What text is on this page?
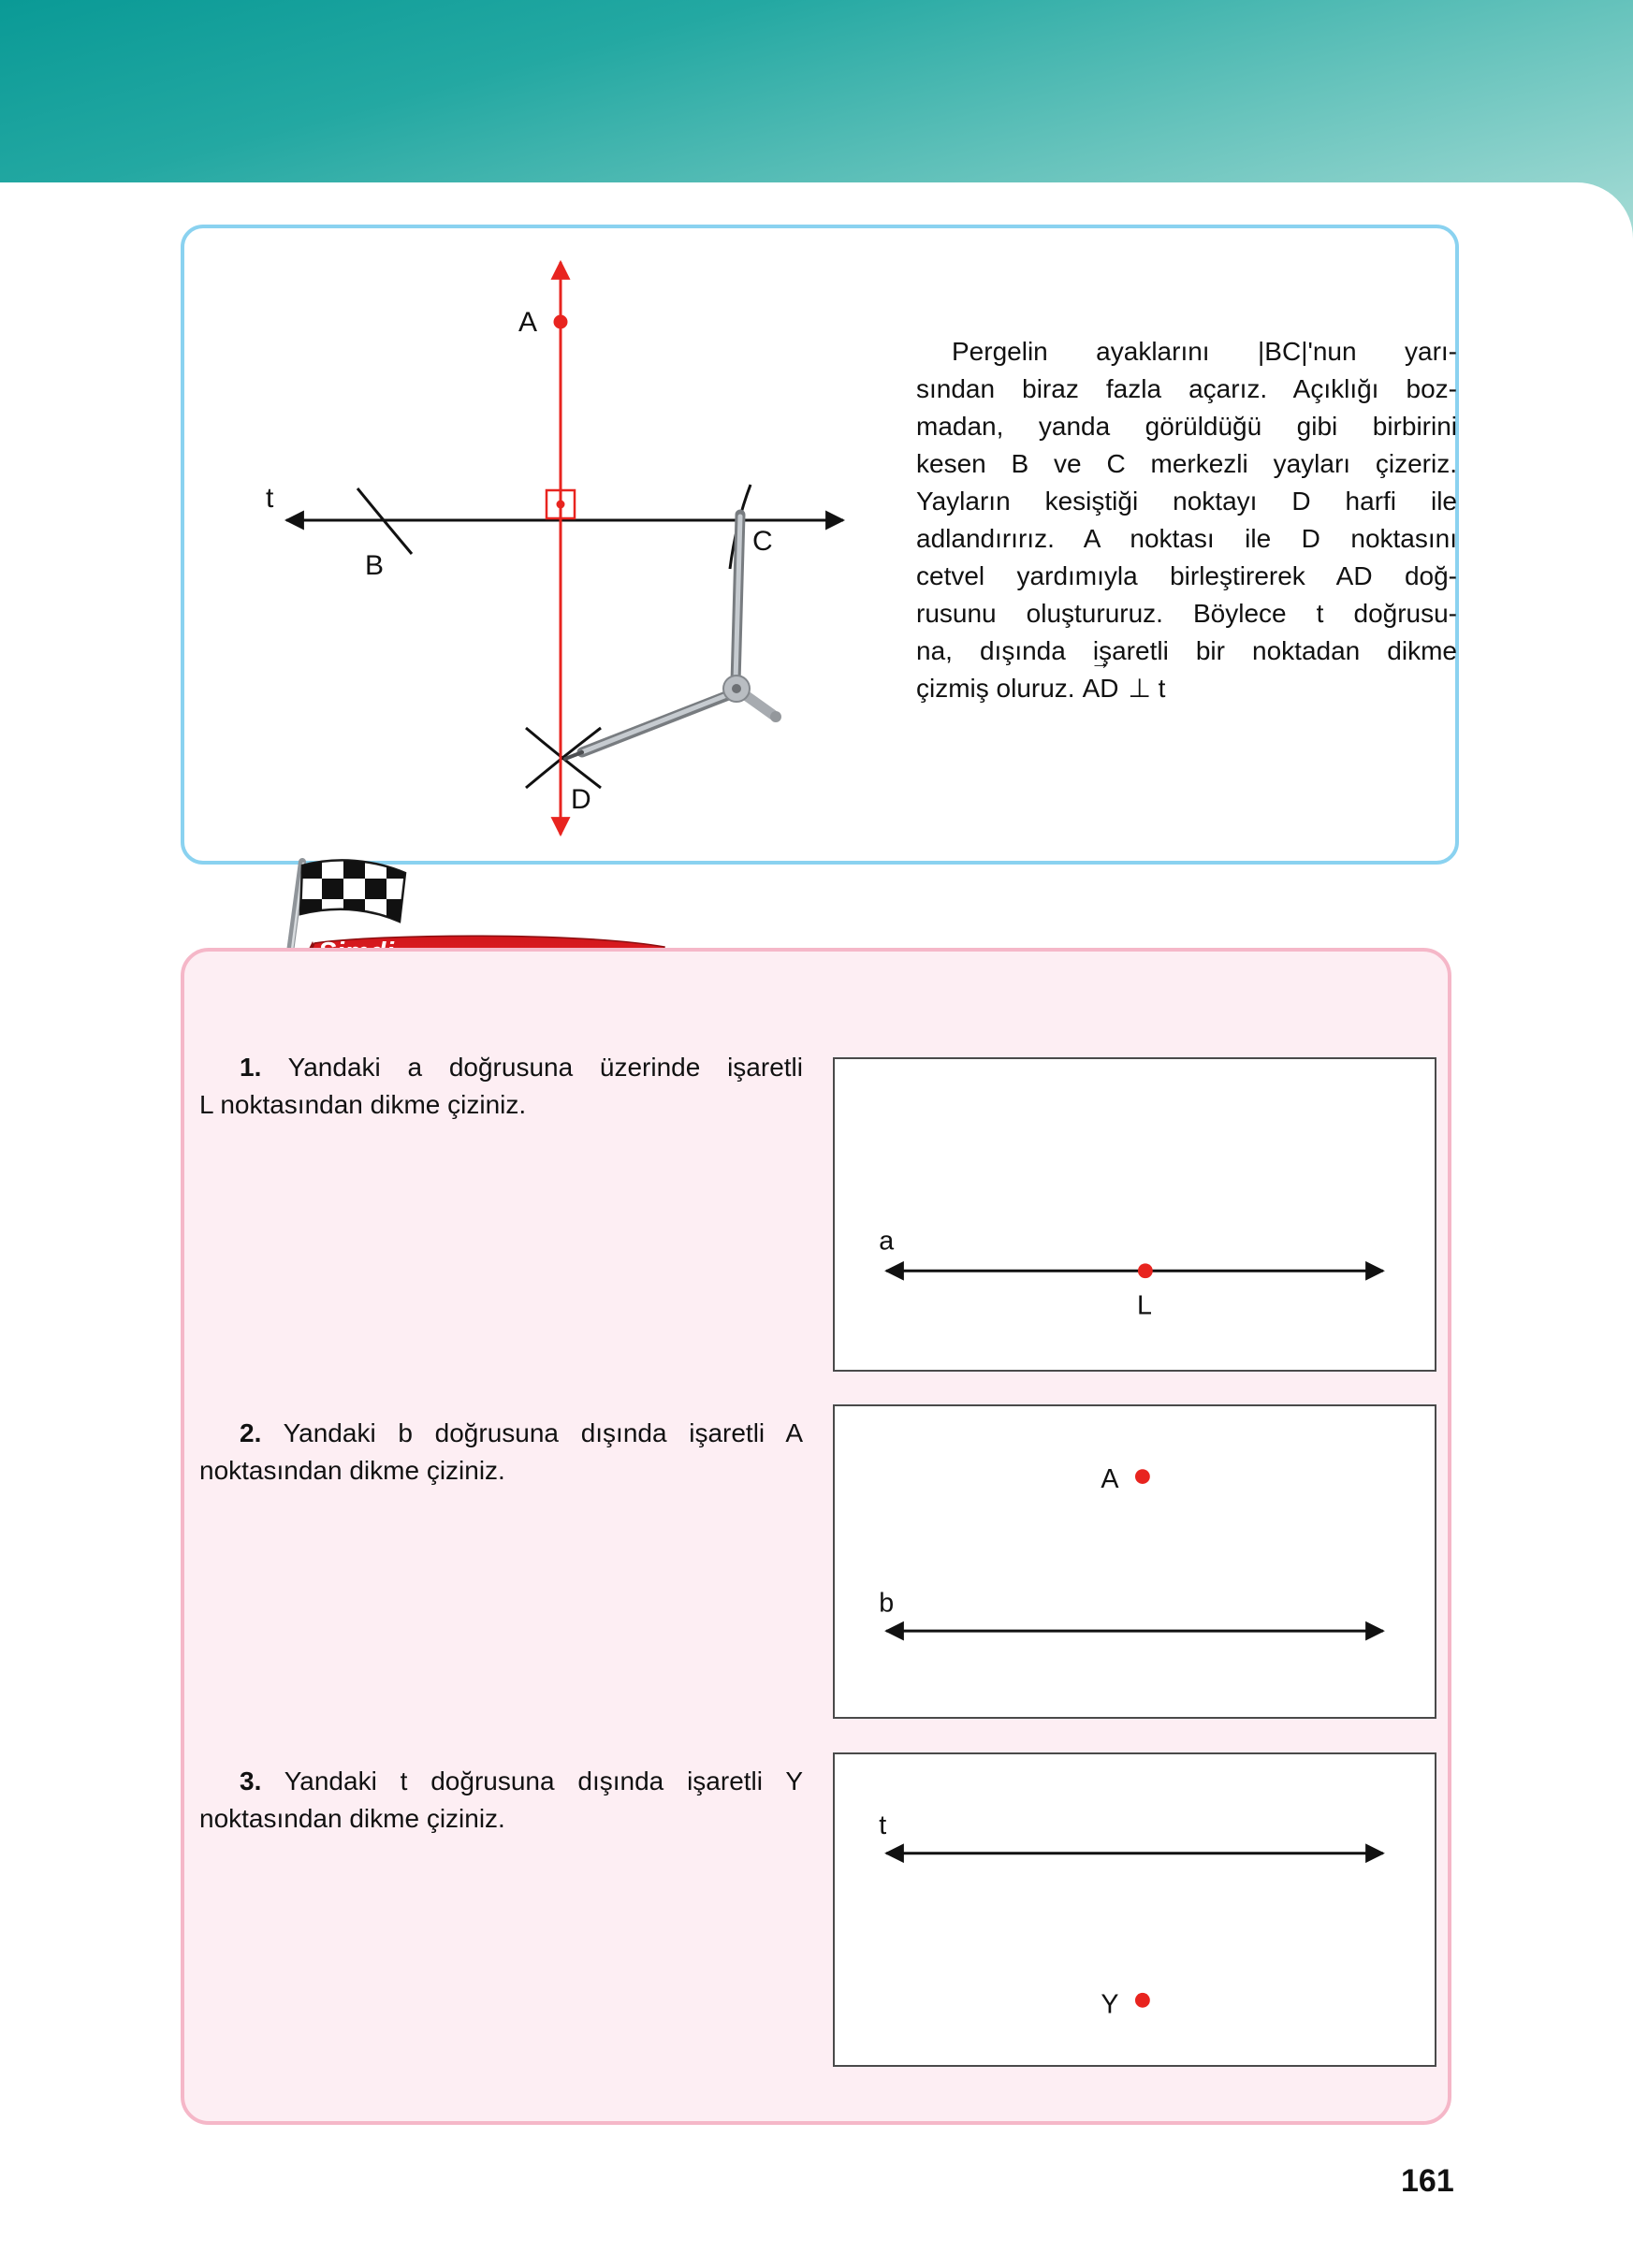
t
B
C
A
D
Pergelin ayaklarını |BC|'nun yarı-
sından biraz fazla açarız. Açıklığı boz-
madan, yanda görüldüğü gibi birbirini
kesen B ve C merkezli yayları çizeriz.
Yayların kesiştiği noktayı D harfi ile
adlandırırız. A noktası ile D noktasını
cetvel yardımıyla birleştirerek AD doğ-
rusunu oluştururuz. Böylece t doğrusu-
na, dışında işaretli bir noktadan dikme
çizmiş oluruz. AD → ⊥ t
1. Yandaki a doğrusuna üzerinde işaretli
L noktasından dikme çiziniz.
a
L
2. Yandaki b doğrusuna dışında işaretli A
noktasından dikme çiziniz.	A
b
3. Yandaki t doğrusuna dışında işaretli Y
noktasından dikme çiziniz.	t
Y
161
